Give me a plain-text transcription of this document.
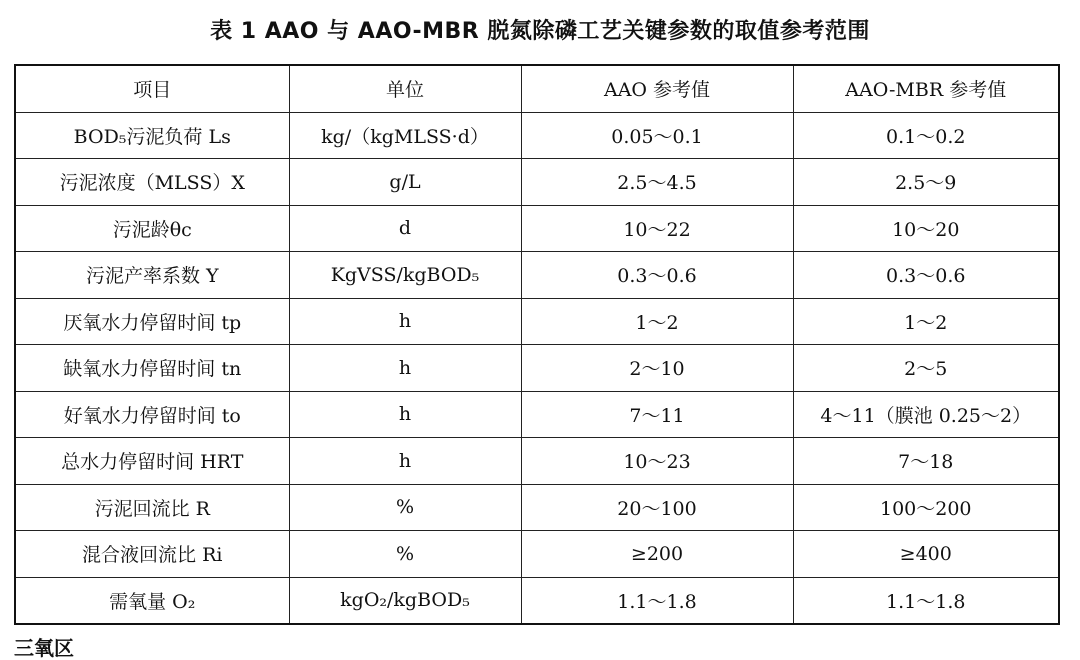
表 1 AAO 与 AAO-MBR 脱氮除磷工艺关键参数的取值参考范围
项目	单位	AAO 参考值	AAO-MBR 参考值
BOD₅污泥负荷 Ls	kg/（kgMLSS·d）	0.05～0.1	0.1～0.2
污泥浓度（MLSS）X	g/L	2.5～4.5	2.5～9
污泥龄θc	d	10～22	10～20
污泥产率系数 Y	KgVSS/kgBOD₅	0.3～0.6	0.3～0.6
厌氧水力停留时间 tp	h	1～2	1～2
缺氧水力停留时间 tn	h	2～10	2～5
好氧水力停留时间 to	h	7～11	4～11（膜池 0.25～2）
总水力停留时间 HRT	h	10～23	7～18
污泥回流比 R	%	20～100	100～200
混合液回流比 Ri	%	≥200	≥400
需氧量 O₂	kgO₂/kgBOD₅	1.1～1.8	1.1～1.8
三氧区
